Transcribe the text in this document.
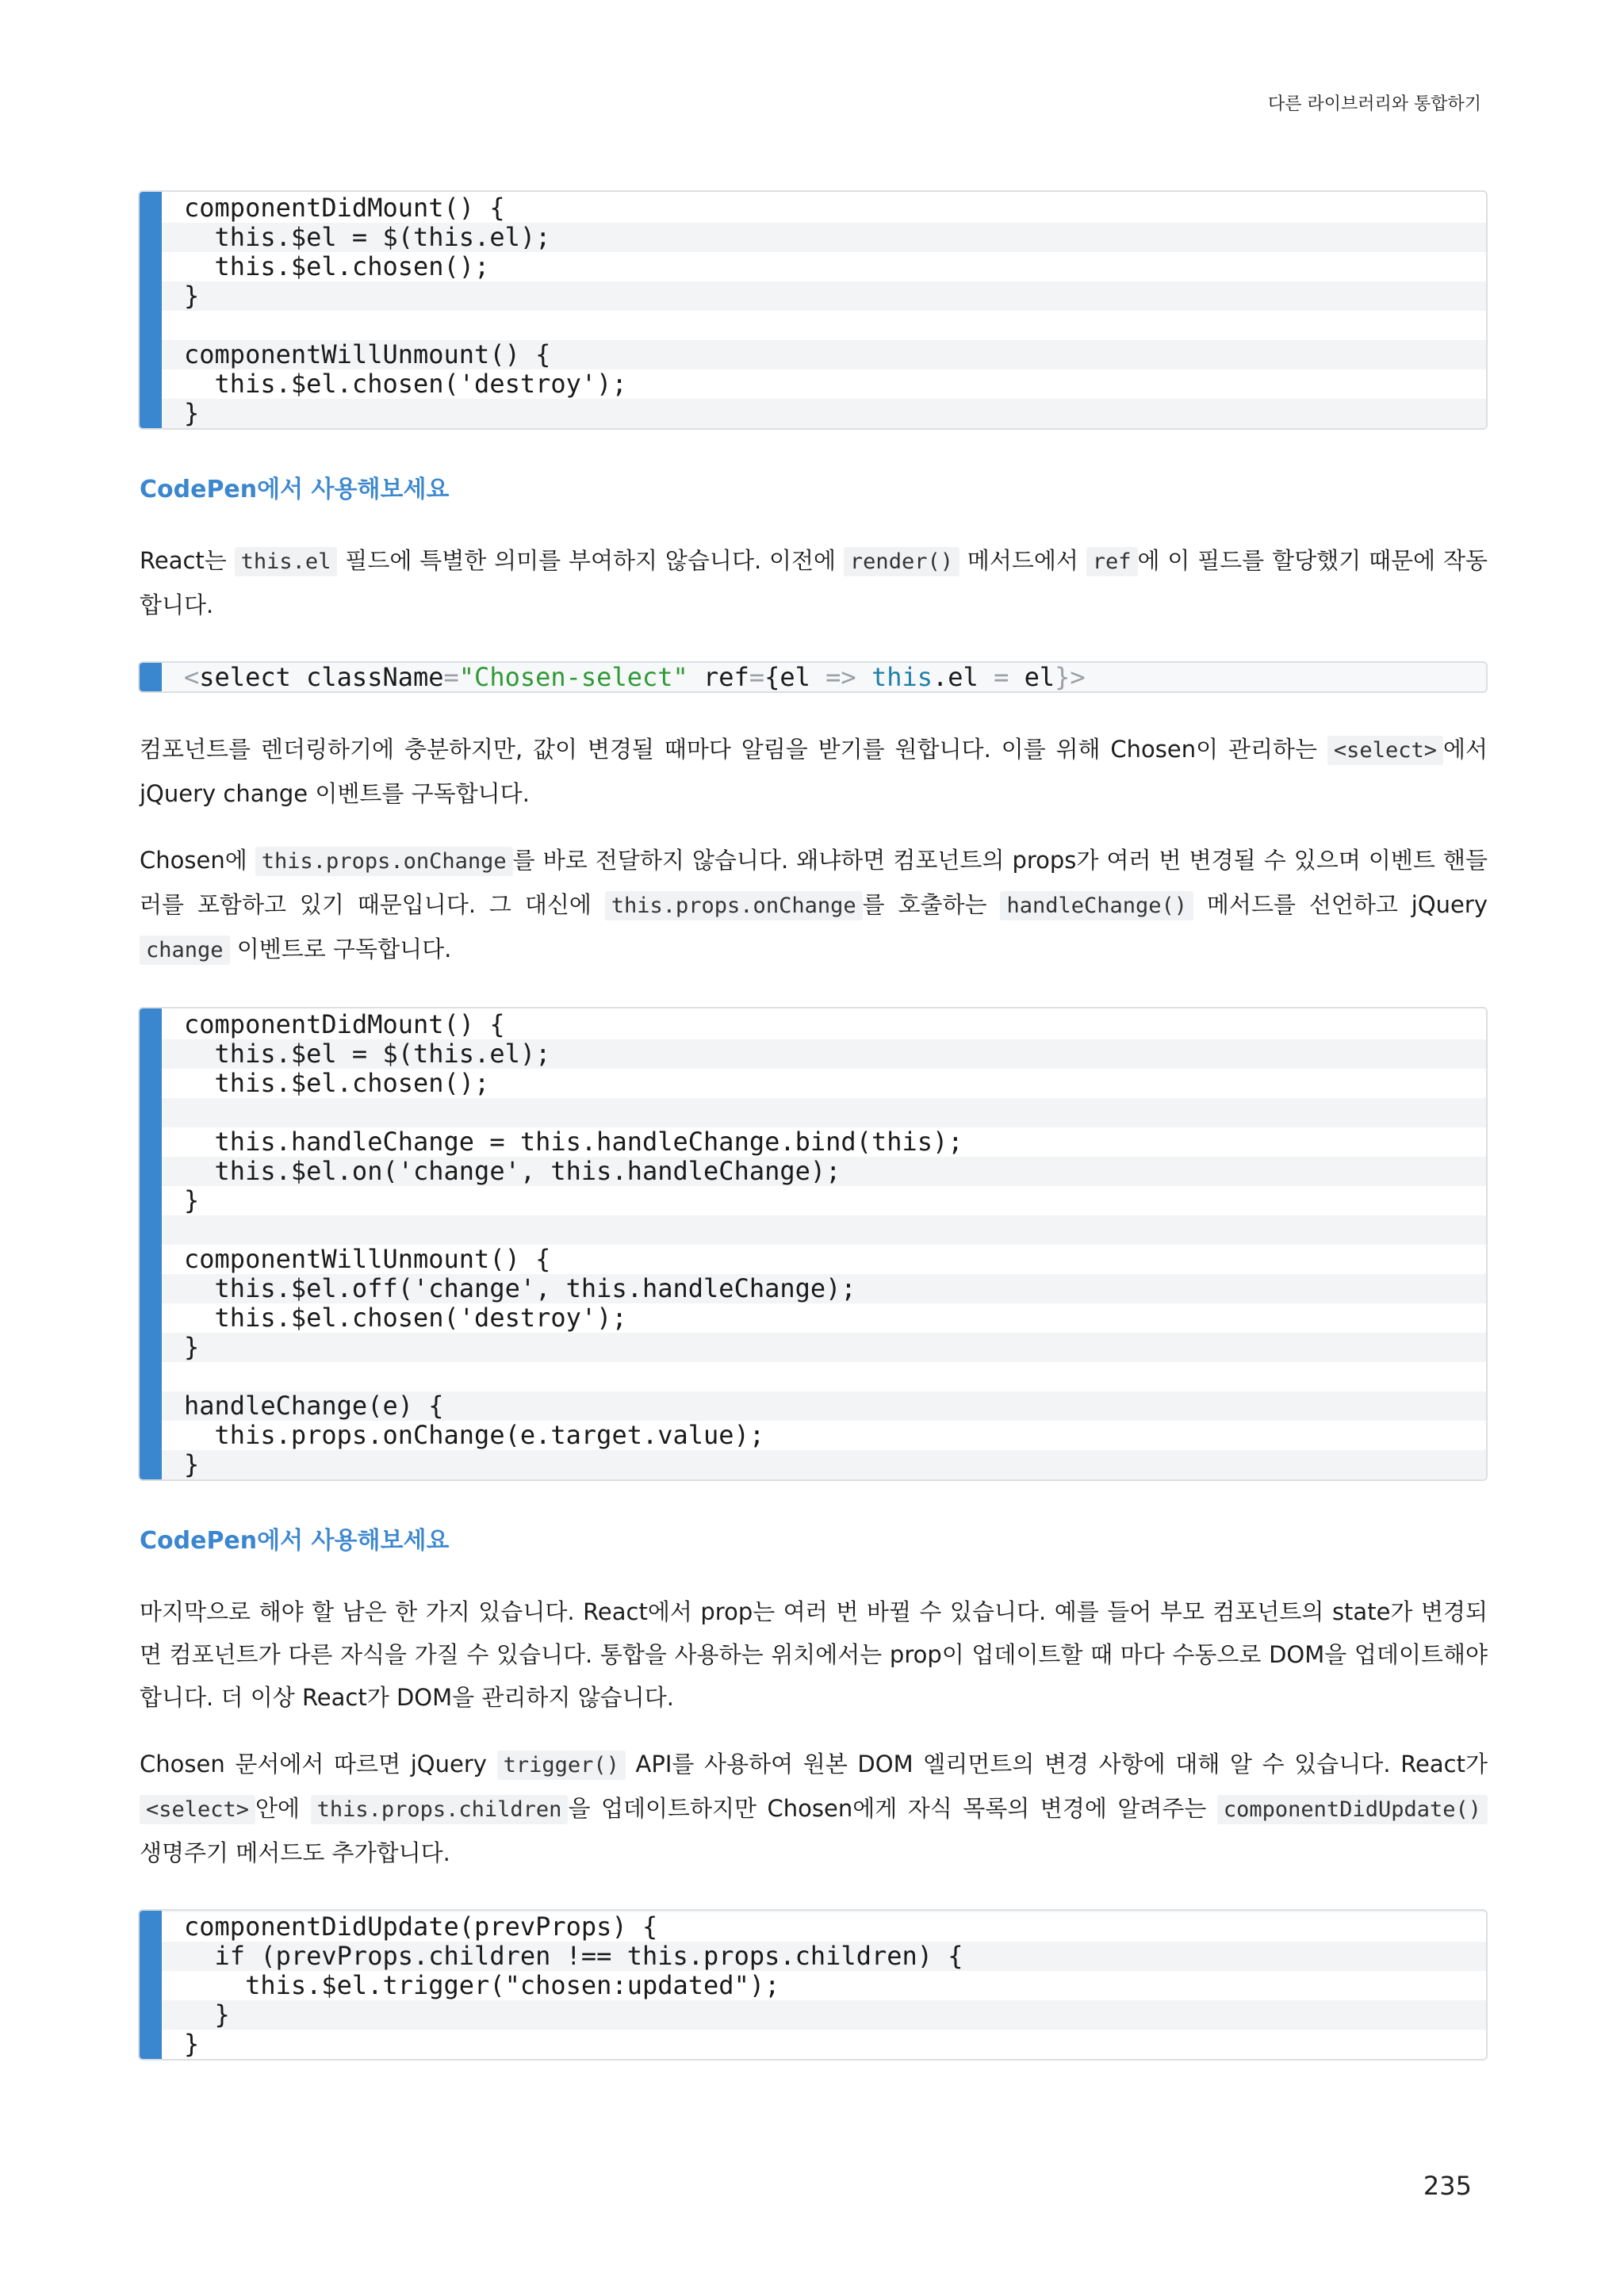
다른 라이브러리와 통합하기
componentDidMount() {
this.$el = $(this.el);
this.$el.chosen();
}
componentWillUnmount() {
this.$el.chosen('destroy');
}
CodePen에서 사용해보세요

React는 this.el 필드에 특별한 의미를 부여하지 않습니다. 이전에 render() 메서드에서 ref 에 이 필드를 할당했기 때문에 작동합니다.

<select className="Chosen-select" ref={el => this.el = el}>

컴포넌트를 렌더링하기에 충분하지만, 값이 변경될 때마다 알림을 받기를 원합니다. 이를 위해 Chosen이 관리하는 <select> 에서 jQuery change 이벤트를 구독합니다.

Chosen에 this.props.onChange 를 바로 전달하지 않습니다. 왜냐하면 컴포넌트의 props가 여러 번 변경될 수 있으며 이벤트 핸들러를 포함하고 있기 때문입니다. 그 대신에 this.props.onChange 를 호출하는 handleChange() 메서드를 선언하고 jQuery change 이벤트로 구독합니다.

componentDidMount() {
this.$el = $(this.el);
this.$el.chosen();
this.handleChange = this.handleChange.bind(this);
this.$el.on('change', this.handleChange);
}
componentWillUnmount() {
this.$el.off('change', this.handleChange);
this.$el.chosen('destroy');
}
handleChange(e) {
this.props.onChange(e.target.value);
}
CodePen에서 사용해보세요

마지막으로 해야 할 남은 한 가지 있습니다. React에서 prop는 여러 번 바뀔 수 있습니다. 예를 들어 부모 컴포넌트의 state가 변경되면 컴포넌트가 다른 자식을 가질 수 있습니다. 통합을 사용하는 위치에서는 prop이 업데이트할 때 마다 수동으로 DOM을 업데이트해야 합니다. 더 이상 React가 DOM을 관리하지 않습니다.

Chosen 문서에서 따르면 jQuery trigger() API를 사용하여 원본 DOM 엘리먼트의 변경 사항에 대해 알 수 있습니다. React가 <select> 안에 this.props.children 을 업데이트하지만 Chosen에게 자식 목록의 변경에 알려주는 componentDidUpdate() 생명주기 메서드도 추가합니다.

componentDidUpdate(prevProps) {
if (prevProps.children !== this.props.children) {
this.$el.trigger("chosen:updated");
}
}
235
